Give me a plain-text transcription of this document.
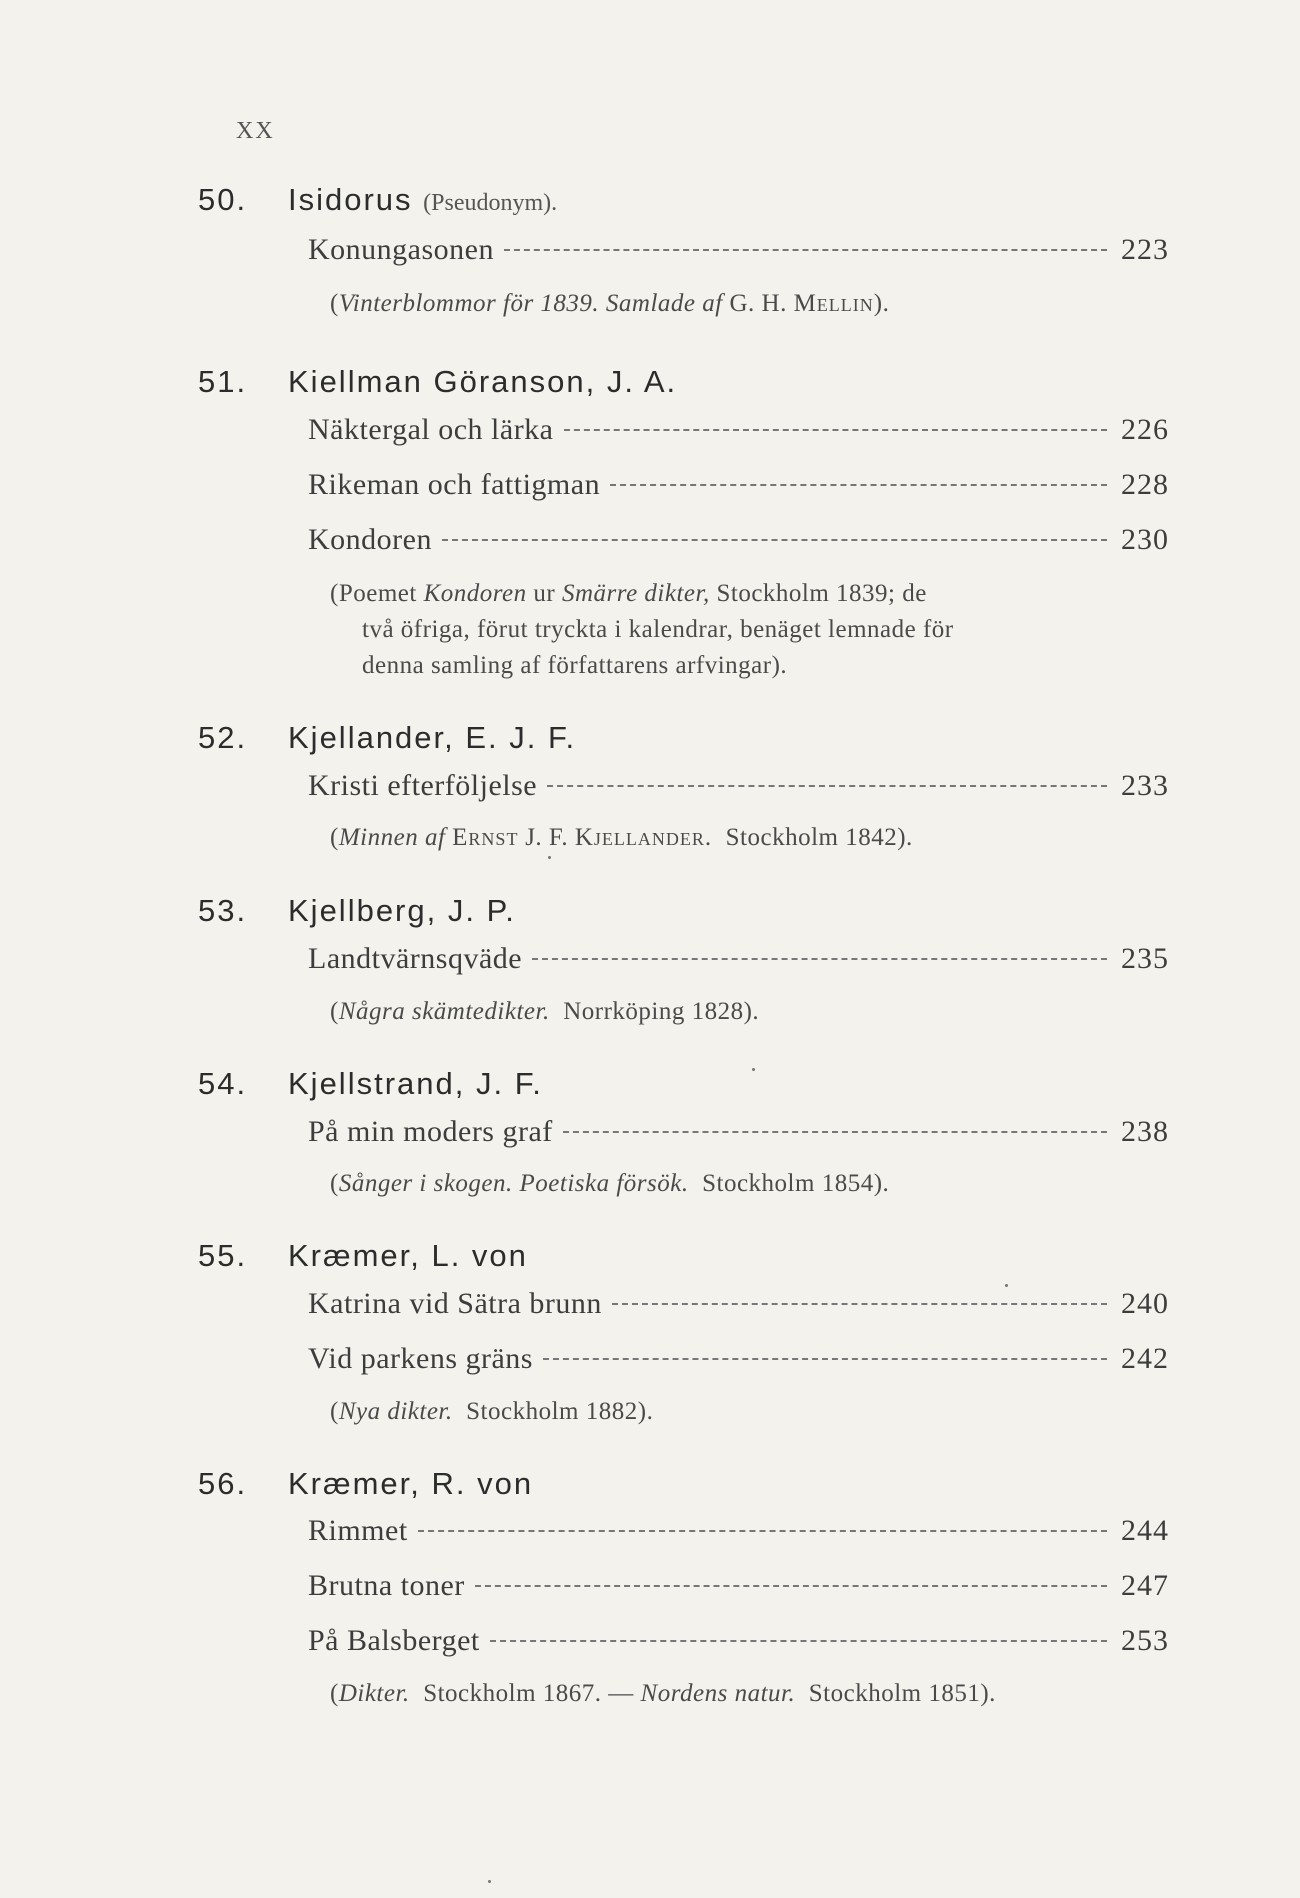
XX
50. Isidorus (Pseudonym).
Konungasonen	223
(Vinterblommor för 1839. Samlade af G. H. Mellin).
51. Kiellman Göranson, J. A.
Näktergal och lärka	226
Rikeman och fattigman	228
Kondoren	230
(Poemet Kondoren ur Smärre dikter, Stockholm 1839; de
två öfriga, förut tryckta i kalendrar, benäget lemnade för
denna samling af författarens arfvingar).
52. Kjellander, E. J. F.
Kristi efterföljelse	233
(Minnen af Ernst J. F. Kjellander. Stockholm 1842).
53. Kjellberg, J. P.
Landtvärnsqväde	235
(Några skämtedikter. Norrköping 1828).
54. Kjellstrand, J. F.
På min moders graf	238
(Sånger i skogen. Poetiska försök. Stockholm 1854).
55. Kræmer, L. von
Katrina vid Sätra brunn	240
Vid parkens gräns	242
(Nya dikter. Stockholm 1882).
56. Kræmer, R. von
Rimmet	244
Brutna toner	247
På Balsberget	253
(Dikter. Stockholm 1867. — Nordens natur. Stockholm 1851).
